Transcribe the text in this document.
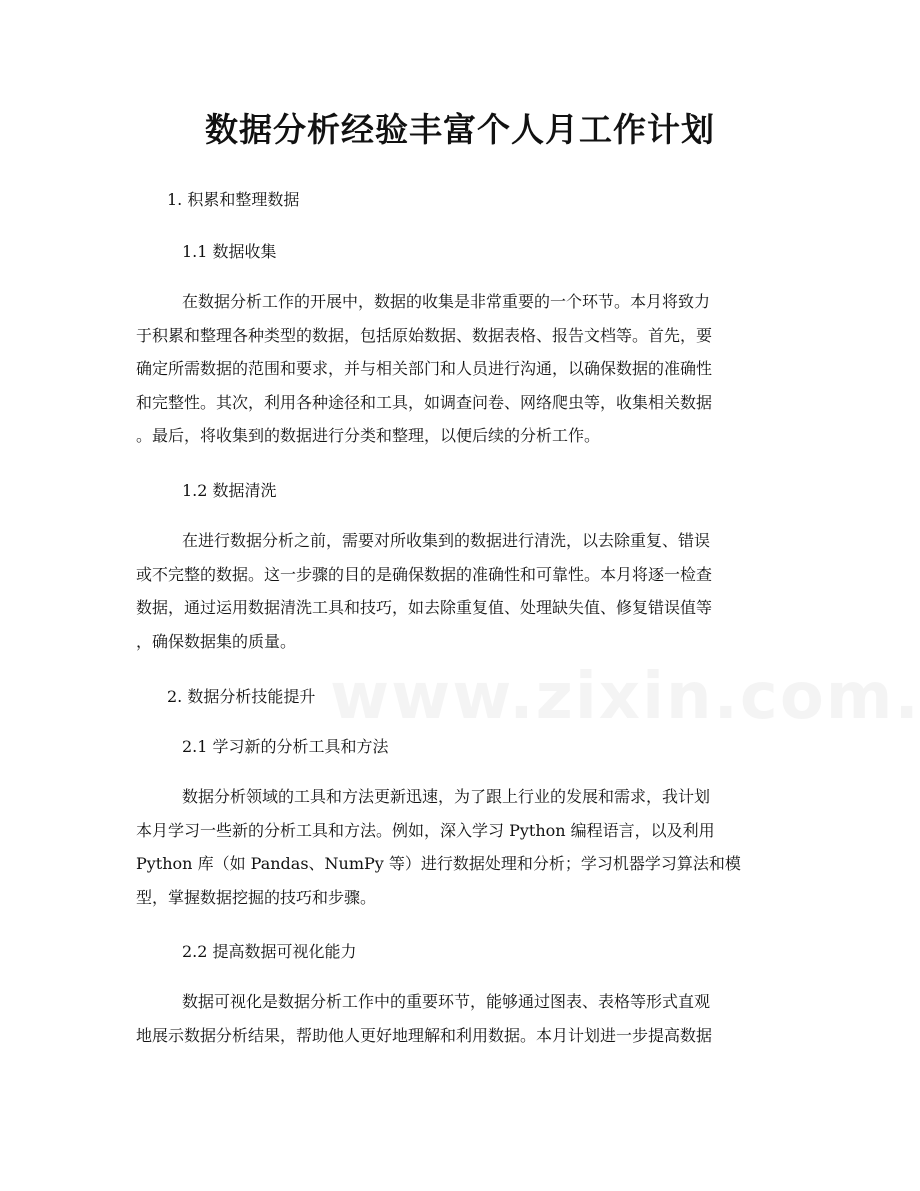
数据分析经验丰富个人月工作计划

1. 积累和整理数据

1.1 数据收集

在数据分析工作的开展中，数据的收集是非常重要的一个环节。本月将致力
于积累和整理各种类型的数据，包括原始数据、数据表格、报告文档等。首先，要
确定所需数据的范围和要求，并与相关部门和人员进行沟通，以确保数据的准确性
和完整性。其次，利用各种途径和工具，如调查问卷、网络爬虫等，收集相关数据
。最后，将收集到的数据进行分类和整理，以便后续的分析工作。

1.2 数据清洗

在进行数据分析之前，需要对所收集到的数据进行清洗，以去除重复、错误
或不完整的数据。这一步骤的目的是确保数据的准确性和可靠性。本月将逐一检查
数据，通过运用数据清洗工具和技巧，如去除重复值、处理缺失值、修复错误值等
，确保数据集的质量。

2. 数据分析技能提升

2.1 学习新的分析工具和方法

数据分析领域的工具和方法更新迅速，为了跟上行业的发展和需求，我计划
本月学习一些新的分析工具和方法。例如，深入学习 Python 编程语言，以及利用
Python 库（如 Pandas、NumPy 等）进行数据处理和分析；学习机器学习算法和模
型，掌握数据挖掘的技巧和步骤。

2.2 提高数据可视化能力

数据可视化是数据分析工作中的重要环节，能够通过图表、表格等形式直观
地展示数据分析结果，帮助他人更好地理解和利用数据。本月计划进一步提高数据
